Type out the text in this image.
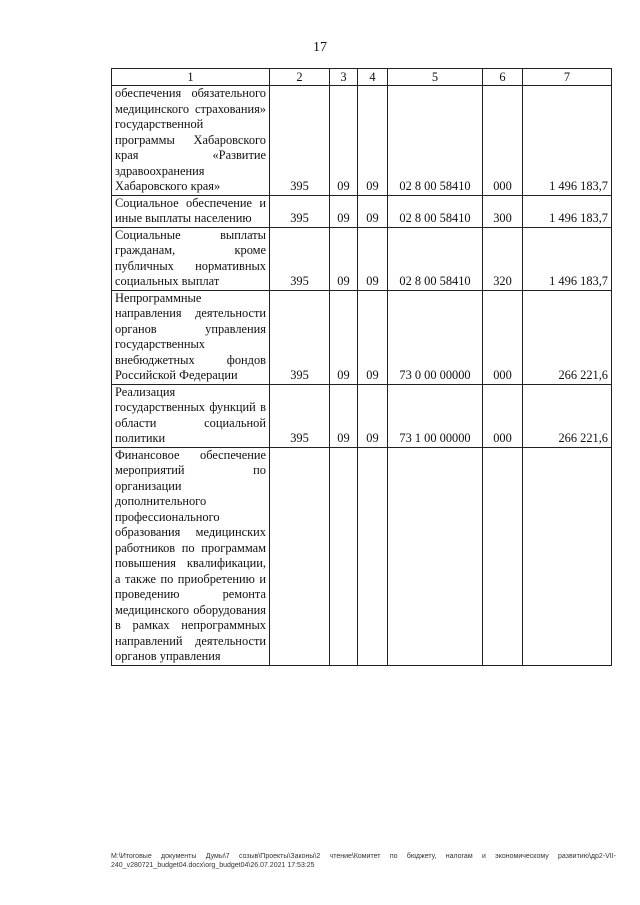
17
1	2	3	4	5	6	7
обеспечения обязательного медицинского страхования» государственной программы Хабаровского края «Развитие здравоохранения Хабаровского края»	395	09	09	02 8 00 58410	000	1 496 183,7
Социальное обеспечение и иные выплаты населению	395	09	09	02 8 00 58410	300	1 496 183,7
Социальные выплаты гражданам, кроме публичных нормативных социальных выплат	395	09	09	02 8 00 58410	320	1 496 183,7
Непрограммные направления деятельности органов управления государственных внебюджетных фондов Российской Федерации	395	09	09	73 0 00 00000	000	266 221,6
Реализация государственных функций в области социальной политики	395	09	09	73 1 00 00000	000	266 221,6
Финансовое обеспечение мероприятий по организации дополнительного профессионального образования медицинских работников по программам повышения квалификации, а также по приобретению и проведению ремонта медицинского оборудования в рамках непрограммных направлений деятельности органов управления						
M:\Итоговые документы Думы\7 созыв\Проекты\Законы\2 чтение\Комитет по бюджету, налогам и экономическому развитию\др2-VII-240_v280721_budget04.docx\org_budget04\26.07.2021 17:53:25
